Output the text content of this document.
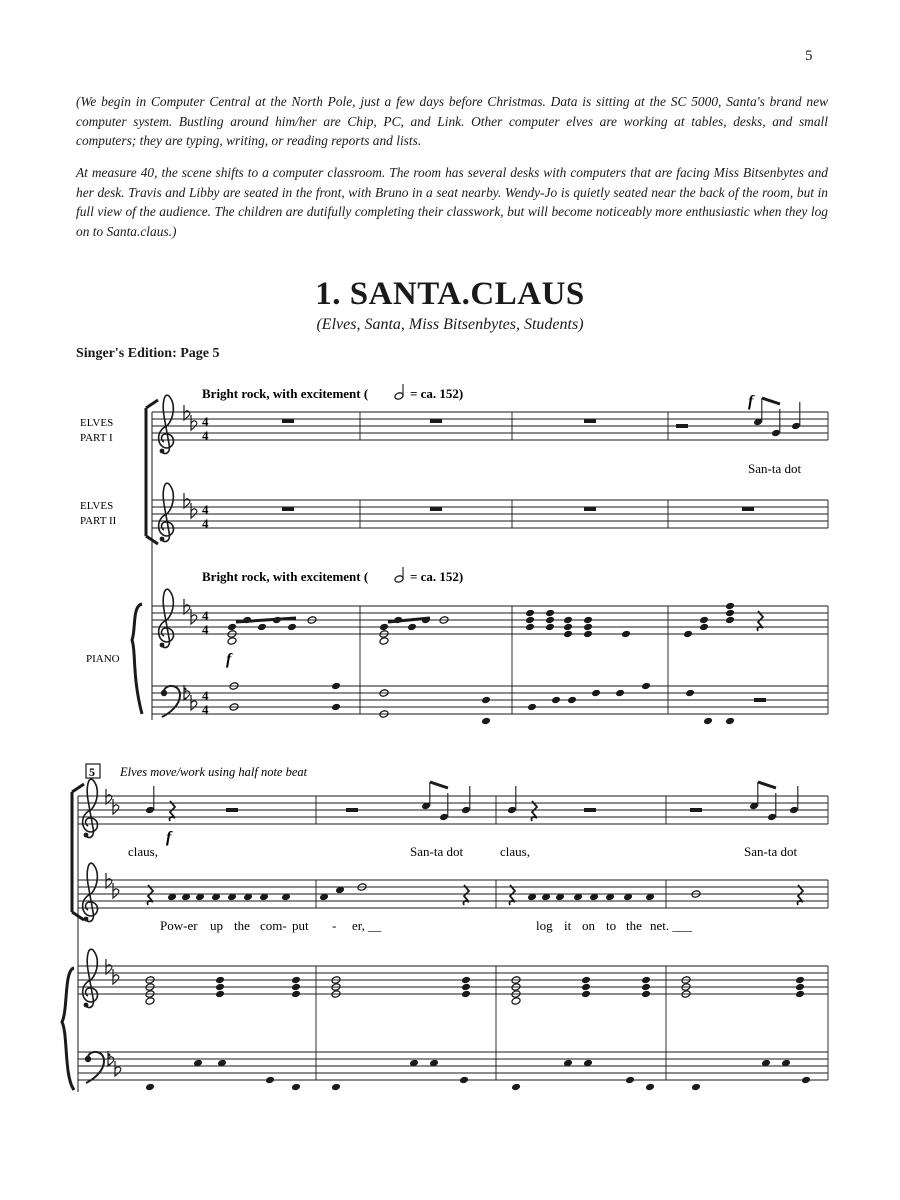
5

(We begin in Computer Central at the North Pole, just a few days before Christmas. Data is sitting at the SC 5000, Santa's brand new computer system. Bustling around him/her are Chip, PC, and Link. Other computer elves are working at tables, desks, and small computers; they are typing, writing, or reading reports and lists.

At measure 40, the scene shifts to a computer classroom. The room has several desks with computers that are facing Miss Bitsenbytes and her desk. Travis and Libby are seated in the front, with Bruno in a seat nearby. Wendy-Jo is quietly seated near the back of the room, but in full view of the audience. The children are dutifully completing their classwork, but will become noticeably more enthusiastic when they log on to Santa.claus.)

1. SANTA.CLAUS

(Elves, Santa, Miss Bitsenbytes, Students)

Singer's Edition: Page 5
Bright rock, with excitement (	= ca. 152)
ELVES
PART I
ELVES
PART II
PIANO
4
4
f
San-ta dot
4
4
Bright rock, with excitement (	= ca. 152)
4
4
f
4
4
5 Elves move/work using half note beat
claus,	San-ta dot	claus,	San-ta dot
f
Pow-er up the com- put - er, __	log it on to the net. ___
